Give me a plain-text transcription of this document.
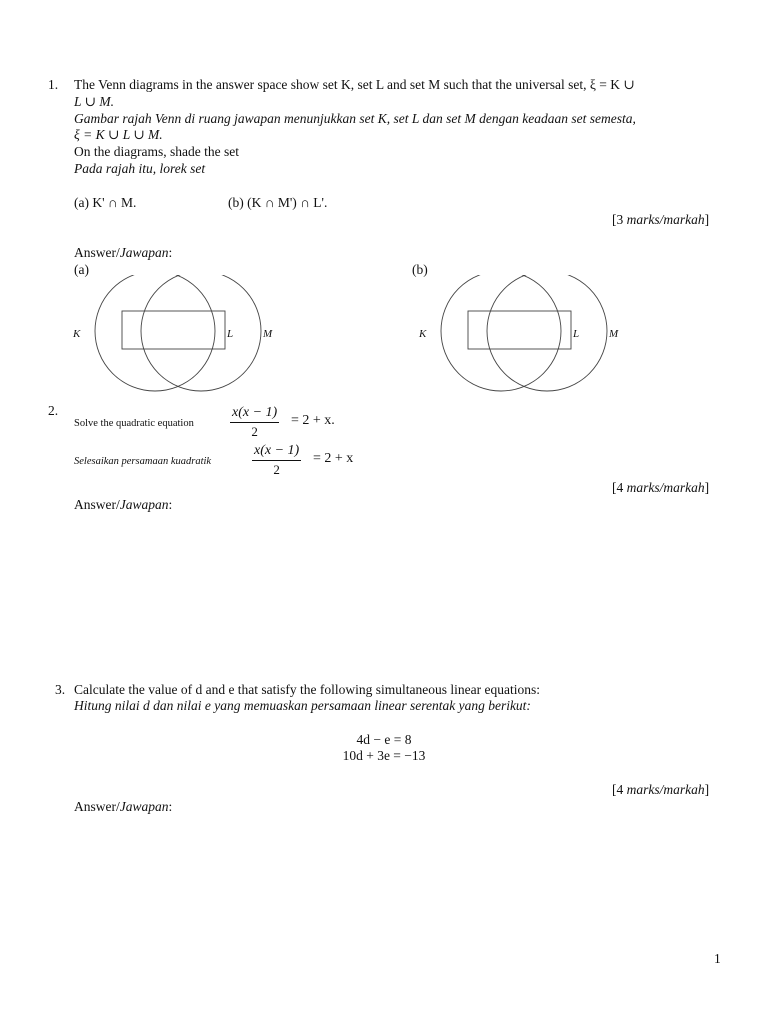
1. The Venn diagrams in the answer space show set K, set L and set M such that the universal set, ξ = K ∪
L ∪ M.
Gambar rajah Venn di ruang jawapan menunjukkan set K, set L dan set M dengan keadaan set semesta,
ξ = K ∪ L ∪ M.
On the diagrams, shade the set
Pada rajah itu, lorek set
(a) K' ∩ M.	(b) (K ∩ M') ∩ L'.
[3 marks/markah]
Answer/Jawapan:
(a)	(b)
K	L	M	K	L	M
2.
Solve the quadratic equation	$\frac{x(x - 1)}{2} = 2 + x$.
Selesaikan persamaan kuadratik	$\frac{x(x - 1)}{2} = 2 + x$
[4 marks/markah]
Answer/Jawapan:
3. Calculate the value of d and e that satisfy the following simultaneous linear equations:
Hitung nilai d dan nilai e yang memuaskan persamaan linear serentak yang berikut:
4d − e = 8
10d + 3e = −13
[4 marks/markah]
Answer/Jawapan:
1
